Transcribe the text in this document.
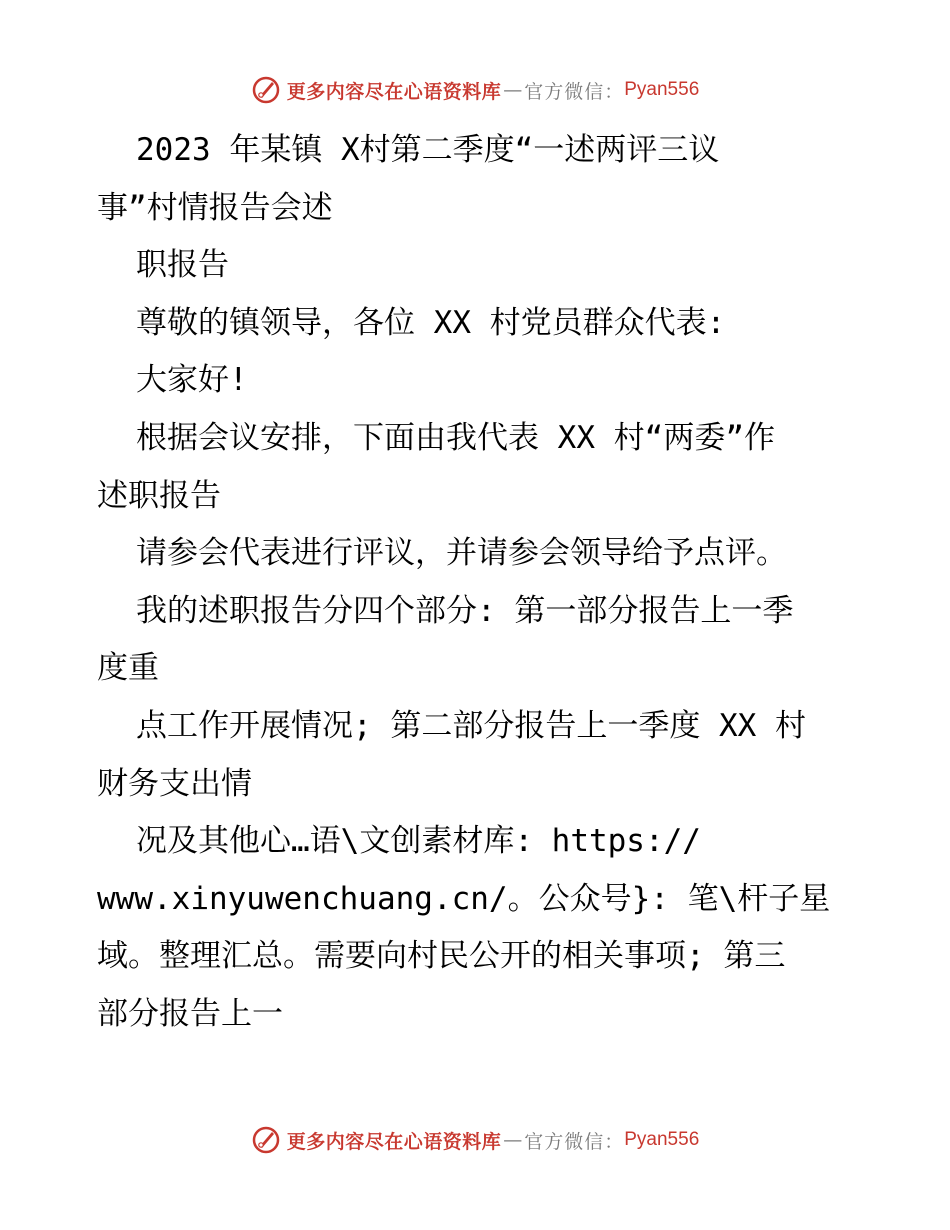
更多内容尽在心语资料库 — 官方微信： Pyan556
2023 年某镇 X村第二季度“一述两评三议
事”村情报告会述
职报告
尊敬的镇领导，各位 XX 村党员群众代表:
大家好!
根据会议安排，下面由我代表 XX 村“两委”作
述职报告
请参会代表进行评议，并请参会领导给予点评。
我的述职报告分四个部分: 第一部分报告上一季
度重
点工作开展情况; 第二部分报告上一季度 XX 村
财务支出情
况及其他心…语\文创素材库: https://
www.xinyuwenchuang.cn/。公众号}: 笔\杆子星
域。整理汇总。需要向村民公开的相关事项; 第三
部分报告上一
更多内容尽在心语资料库 — 官方微信： Pyan556
